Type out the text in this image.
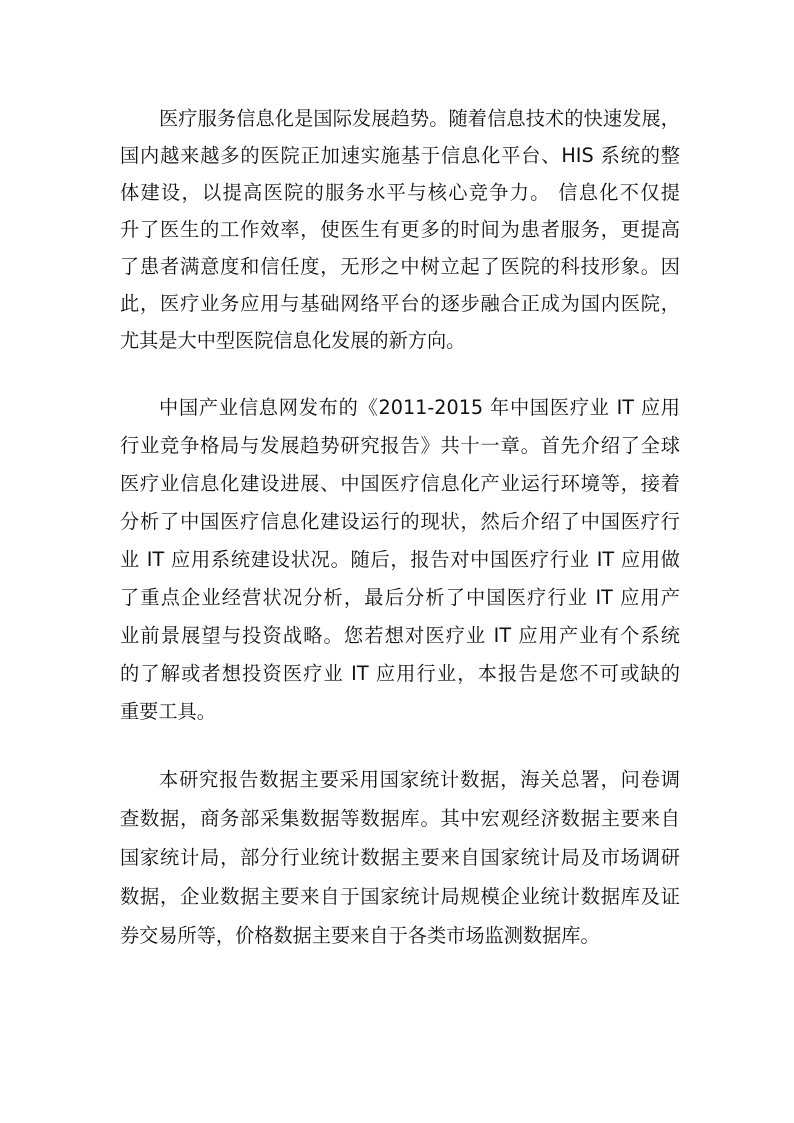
医疗服务信息化是国际发展趋势。随着信息技术的快速发展，
国内越来越多的医院正加速实施基于信息化平台、HIS 系统的整
体建设，以提高医院的服务水平与核心竞争力。 信息化不仅提
升了医生的工作效率，使医生有更多的时间为患者服务，更提高
了患者满意度和信任度，无形之中树立起了医院的科技形象。因
此，医疗业务应用与基础网络平台的逐步融合正成为国内医院，
尤其是大中型医院信息化发展的新方向。
中国产业信息网发布的《2011-2015 年中国医疗业 IT 应用
行业竞争格局与发展趋势研究报告》共十一章。首先介绍了全球
医疗业信息化建设进展、中国医疗信息化产业运行环境等，接着
分析了中国医疗信息化建设运行的现状，然后介绍了中国医疗行
业 IT 应用系统建设状况。随后，报告对中国医疗行业 IT 应用做
了重点企业经营状况分析，最后分析了中国医疗行业 IT 应用产
业前景展望与投资战略。您若想对医疗业 IT 应用产业有个系统
的了解或者想投资医疗业 IT 应用行业，本报告是您不可或缺的
重要工具。
本研究报告数据主要采用国家统计数据，海关总署，问卷调
查数据，商务部采集数据等数据库。其中宏观经济数据主要来自
国家统计局，部分行业统计数据主要来自国家统计局及市场调研
数据，企业数据主要来自于国家统计局规模企业统计数据库及证
券交易所等，价格数据主要来自于各类市场监测数据库。
